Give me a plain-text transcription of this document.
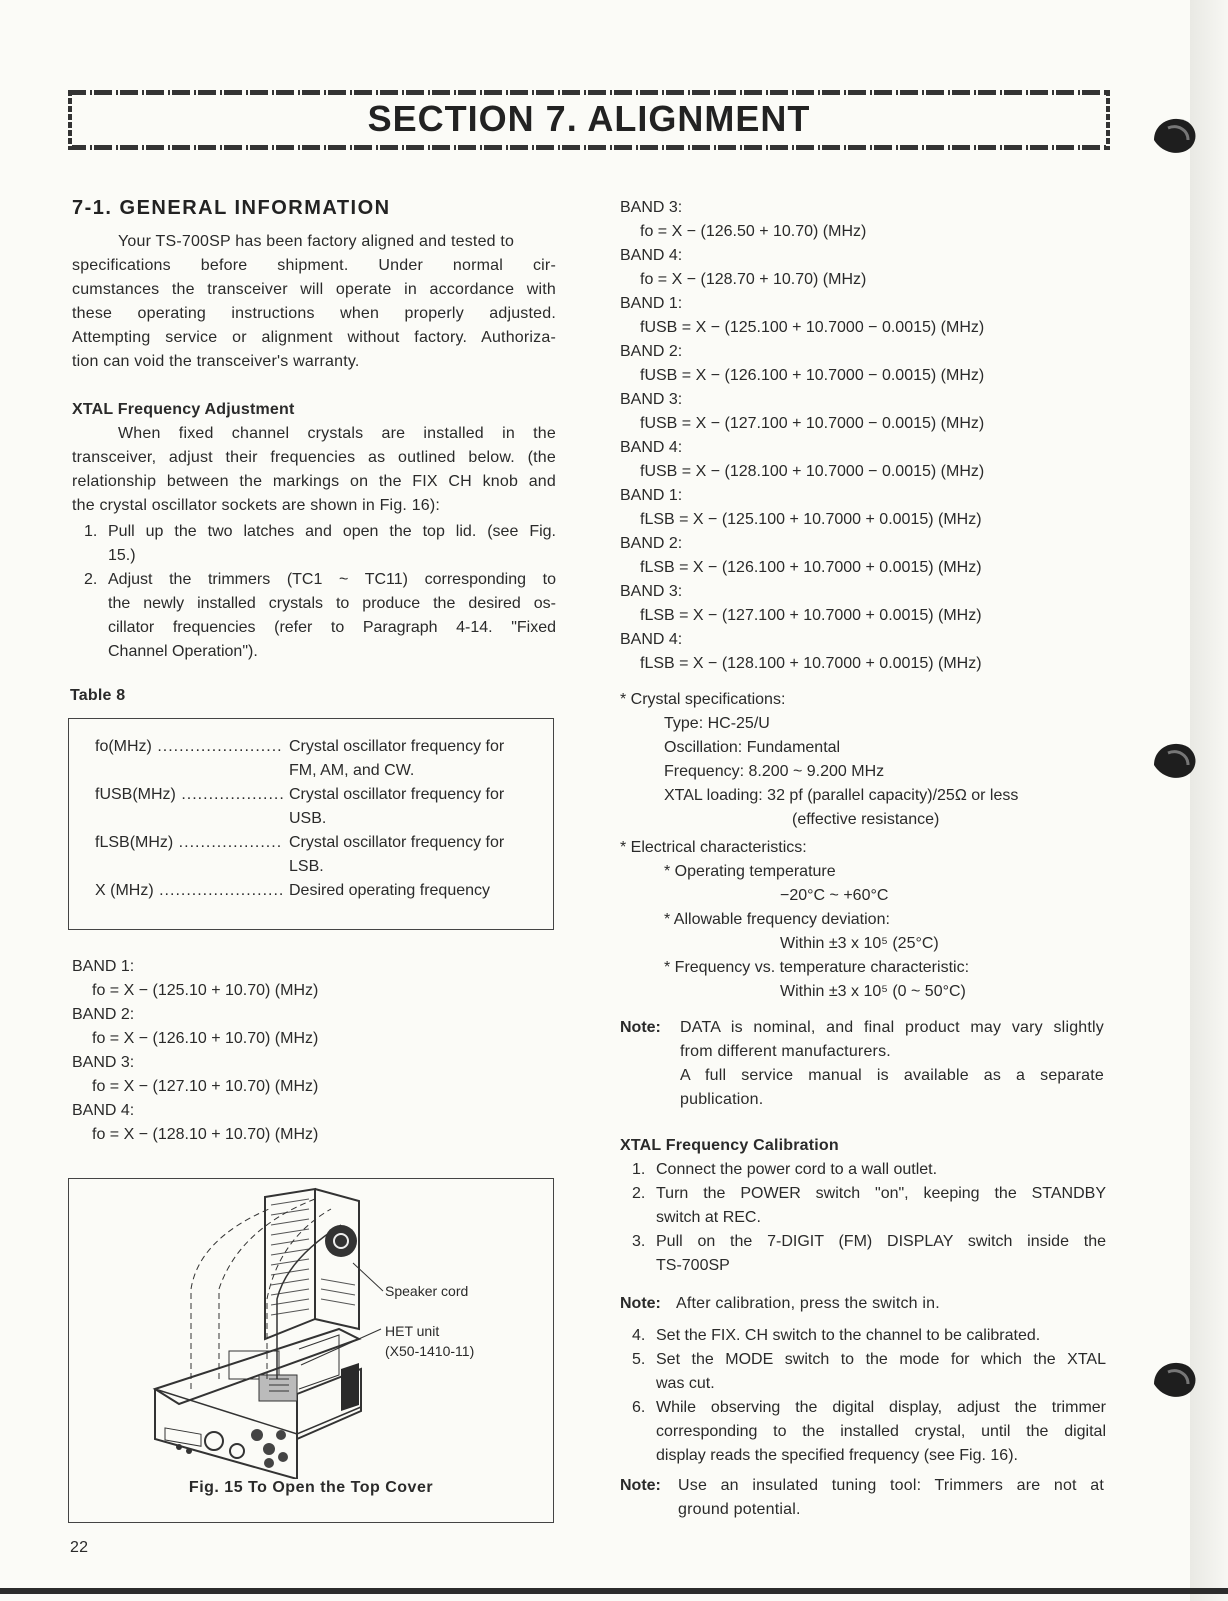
SECTION 7. ALIGNMENT
7-1. GENERAL INFORMATION
Your TS-700SP has been factory aligned and tested to
specifications before shipment. Under normal cir-
cumstances the transceiver will operate in accordance with
these operating instructions when properly adjusted.
Attempting service or alignment without factory. Authoriza-
tion can void the transceiver's warranty.
XTAL Frequency Adjustment
When fixed channel crystals are installed in the
transceiver, adjust their frequencies as outlined below. (the
relationship between the markings on the FIX CH knob and
the crystal oscillator sockets are shown in Fig. 16):
1. Pull up the two latches and open the top lid. (see Fig.
15.)
2. Adjust the trimmers (TC1 ~ TC11) corresponding to
the newly installed crystals to produce the desired os-
cillator frequencies (refer to Paragraph 4-14. "Fixed
Channel Operation").
Table 8
fo(MHz) .....	Crystal oscillator frequency for
FM, AM, and CW.
fUSB(MHz) .....	Crystal oscillator frequency for
USB.
fLSB(MHz) .....	Crystal oscillator frequency for
LSB.
X (MHz) .....	Desired operating frequency
BAND 1:
fo = X − (125.10 + 10.70) (MHz)
BAND 2:
fo = X − (126.10 + 10.70) (MHz)
BAND 3:
fo = X − (127.10 + 10.70) (MHz)
BAND 4:
fo = X − (128.10 + 10.70) (MHz)
Speaker cord
HET unit
(X50-1410-11)
Fig. 15 To Open the Top Cover
22
BAND 3:
fo = X − (126.50 + 10.70) (MHz)
BAND 4:
fo = X − (128.70 + 10.70) (MHz)
BAND 1:
fUSB = X − (125.100 + 10.7000 − 0.0015) (MHz)
BAND 2:
fUSB = X − (126.100 + 10.7000 − 0.0015) (MHz)
BAND 3:
fUSB = X − (127.100 + 10.7000 − 0.0015) (MHz)
BAND 4:
fUSB = X − (128.100 + 10.7000 − 0.0015) (MHz)
BAND 1:
fLSB = X − (125.100 + 10.7000 + 0.0015) (MHz)
BAND 2:
fLSB = X − (126.100 + 10.7000 + 0.0015) (MHz)
BAND 3:
fLSB = X − (127.100 + 10.7000 + 0.0015) (MHz)
BAND 4:
fLSB = X − (128.100 + 10.7000 + 0.0015) (MHz)
* Crystal specifications:
Type: HC-25/U
Oscillation: Fundamental
Frequency: 8.200 ~ 9.200 MHz
XTAL loading: 32 pf (parallel capacity)/25Ω or less
(effective resistance)
* Electrical characteristics:
* Operating temperature
−20°C ~ +60°C
* Allowable frequency deviation:
Within ±3 x 10⁵ (25°C)
* Frequency vs. temperature characteristic:
Within ±3 x 10⁵ (0 ~ 50°C)
Note: DATA is nominal, and final product may vary slightly
from different manufacturers.
A full service manual is available as a separate
publication.
XTAL Frequency Calibration
1. Connect the power cord to a wall outlet.
2. Turn the POWER switch "on", keeping the STANDBY
switch at REC.
3. Pull on the 7-DIGIT (FM) DISPLAY switch inside the
TS-700SP
Note: After calibration, press the switch in.
4. Set the FIX. CH switch to the channel to be calibrated.
5. Set the MODE switch to the mode for which the XTAL
was cut.
6. While observing the digital display, adjust the trimmer
corresponding to the installed crystal, until the digital
display reads the specified frequency (see Fig. 16).
Note: Use an insulated tuning tool: Trimmers are not at
ground potential.
